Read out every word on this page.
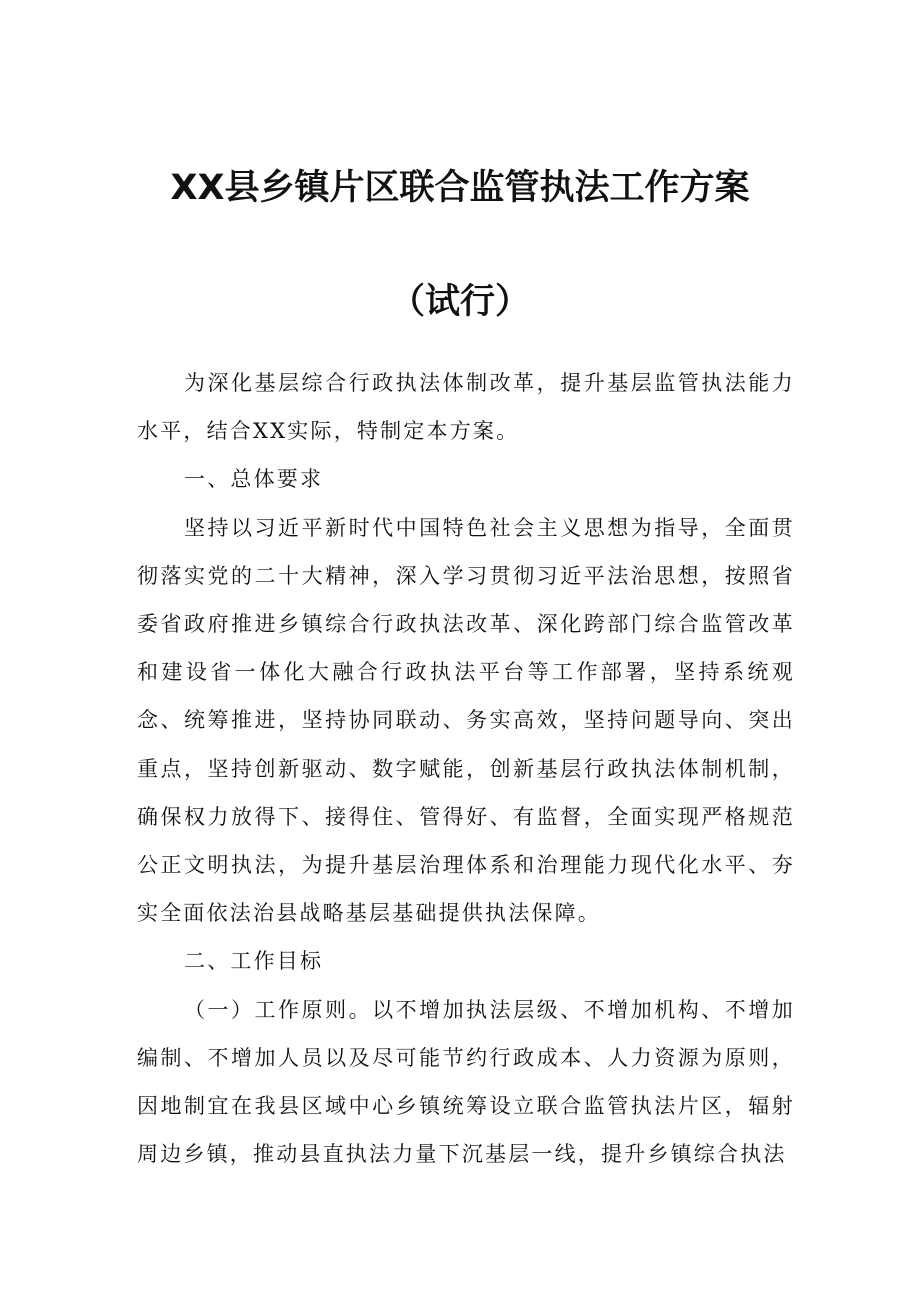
XX县乡镇片区联合监管执法工作方案
（试行）

为深化基层综合行政执法体制改革，提升基层监管执法能力水平，结合XX实际，特制定本方案。

一、总体要求

坚持以习近平新时代中国特色社会主义思想为指导，全面贯彻落实党的二十大精神，深入学习贯彻习近平法治思想，按照省委省政府推进乡镇综合行政执法改革、深化跨部门综合监管改革和建设省一体化大融合行政执法平台等工作部署，坚持系统观念、统筹推进，坚持协同联动、务实高效，坚持问题导向、突出重点，坚持创新驱动、数字赋能，创新基层行政执法体制机制，确保权力放得下、接得住、管得好、有监督，全面实现严格规范公正文明执法，为提升基层治理体系和治理能力现代化水平、夯实全面依法治县战略基层基础提供执法保障。

二、工作目标

（一）工作原则。以不增加执法层级、不增加机构、不增加编制、不增加人员以及尽可能节约行政成本、人力资源为原则，因地制宜在我县区域中心乡镇统筹设立联合监管执法片区，辐射周边乡镇，推动县直执法力量下沉基层一线，提升乡镇综合执法
